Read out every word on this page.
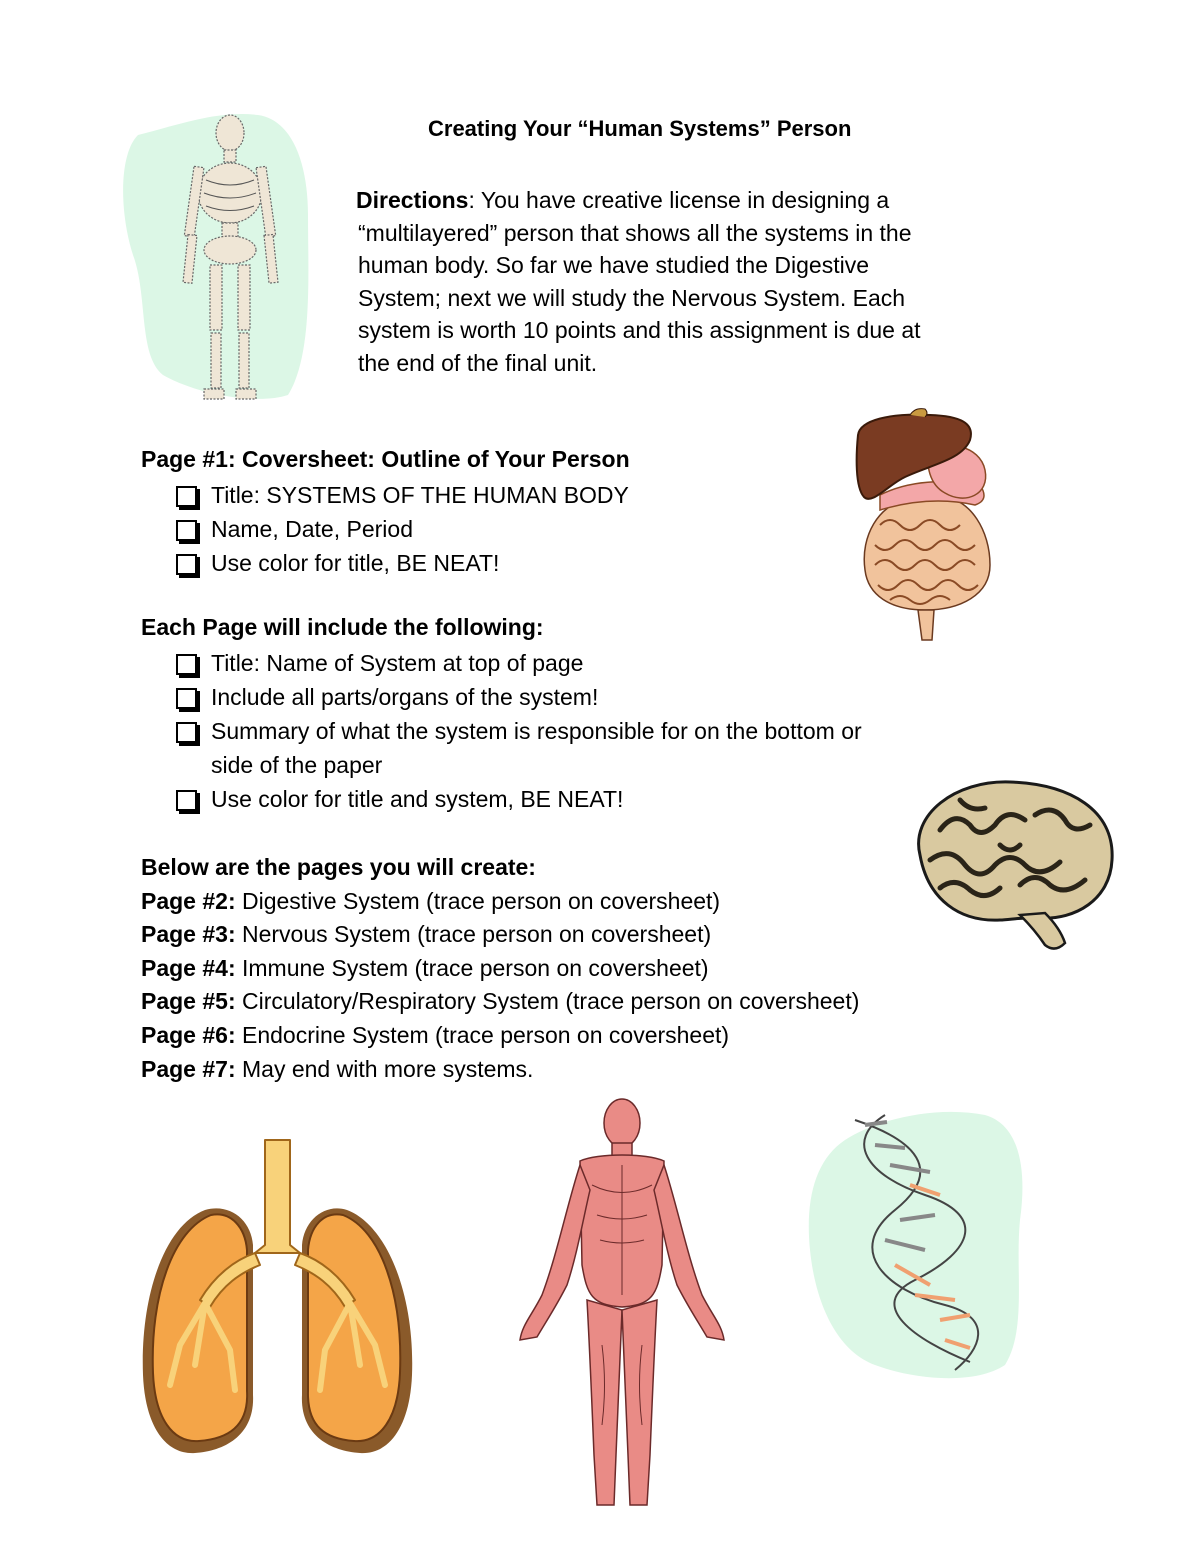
Creating Your “Human Systems” Person
Directions: You have creative license in designing a
“multilayered” person that shows all the systems in the
human body. So far we have studied the Digestive
System; next we will study the Nervous System. Each
system is worth 10 points and this assignment is due at
the end of the final unit.
Page #1: Coversheet: Outline of Your Person
Title: SYSTEMS OF THE HUMAN BODY
Name, Date, Period
Use color for title, BE NEAT!
Each Page will include the following:
Title: Name of System at top of page
Include all parts/organs of the system!
Summary of what the system is responsible for on the bottom or
side of the paper
Use color for title and system, BE NEAT!
Below are the pages you will create:
Page #2: Digestive System (trace person on coversheet)
Page #3: Nervous System (trace person on coversheet)
Page #4: Immune System (trace person on coversheet)
Page #5: Circulatory/Respiratory System (trace person on coversheet)
Page #6: Endocrine System (trace person on coversheet)
Page #7: May end with more systems.
